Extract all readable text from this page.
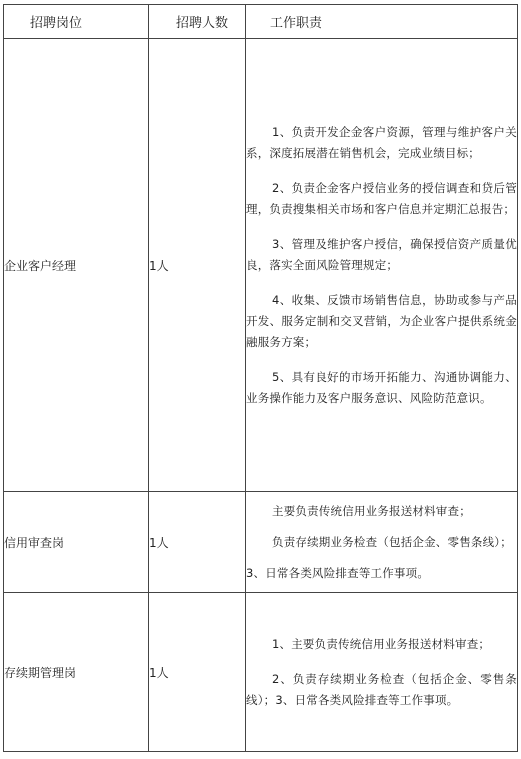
招聘岗位	招聘人数	工作职责
企业客户经理	1人	1、负责开发企金客户资源，管理与维护客户关系，深度拓展潜在销售机会，完成业绩目标；

2、负责企金客户授信业务的授信调查和贷后管理，负责搜集相关市场和客户信息并定期汇总报告；

3、管理及维护客户授信，确保授信资产质量优良，落实全面风险管理规定；

4、收集、反馈市场销售信息，协助或参与产品开发、服务定制和交叉营销，为企业客户提供系统金融服务方案；

5、具有良好的市场开拓能力、沟通协调能力、业务操作能力及客户服务意识、风险防范意识。

信用审查岗	1人	主要负责传统信用业务报送材料审查；

负责存续期业务检查（包括企金、零售条线）；

3、日常各类风险排查等工作事项。

存续期管理岗	1人	1、主要负责传统信用业务报送材料审查；

2、负责存续期业务检查（包括企金、零售条线）；3、日常各类风险排查等工作事项。
